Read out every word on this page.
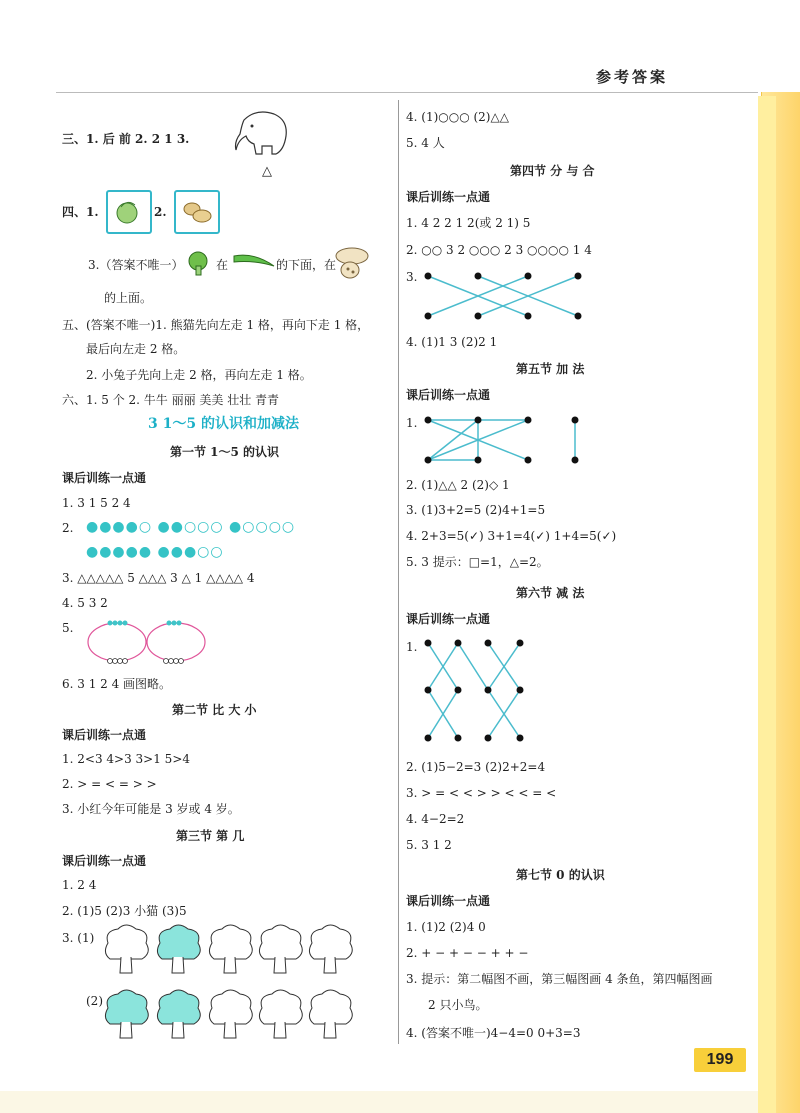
参考答案
199
三、1. 后 前 2. 2 1 3.
△
四、1.	2.
3.（答案不唯一）	在	的下面，在
的上面。
五、(答案不唯一)1. 熊猫先向左走 1 格，再向下走 1 格，
最后向左走 2 格。
2. 小兔子先向上走 2 格，再向左走 1 格。
六、1. 5 个 2. 牛牛 丽丽 美美 壮壮 青青
3 1～5 的认识和加减法
第一节 1～5 的认识
课后训练一点通
1. 3 1 5 2 4
2. ●●●●○ ●●○○○ ●○○○○
●●●●● ●●●○○
3. △△△△△ 5 △△△ 3 △ 1 △△△△ 4
4. 5 3 2
5.
6. 3 1 2 4 画图略。
第二节 比 大 小
课后训练一点通
1. 2<3 4>3 3>1 5>4
2. > = < = > >
3. 小红今年可能是 3 岁或 4 岁。
第三节 第 几
课后训练一点通
1. 2 4
2. (1)5 (2)3 小猫 (3)5
3. (1)
(2)
4. (1)○○○ (2)△△
5. 4 人
第四节 分 与 合
课后训练一点通
1. 4 2 2 1 2(或 2 1) 5
2. ○○ 3 2 ○○○ 2 3 ○○○○ 1 4
3.
4. (1)1 3 (2)2 1
第五节 加 法
课后训练一点通
1.
2. (1)△△ 2 (2)◇ 1
3. (1)3+2=5 (2)4+1=5
4. 2+3=5(✓) 3+1=4(✓) 1+4=5(✓)
5. 3 提示：□=1，△=2。
第六节 减 法
课后训练一点通
1.
2. (1)5−2=3 (2)2+2=4
3. > = < < > > < < = <
4. 4−2=2
5. 3 1 2
第七节 0 的认识
课后训练一点通
1. (1)2 (2)4 0
2. + − + − − + + −
3. 提示：第二幅图不画，第三幅图画 4 条鱼，第四幅图画
2 只小鸟。
4. (答案不唯一)4−4=0 0+3=3
